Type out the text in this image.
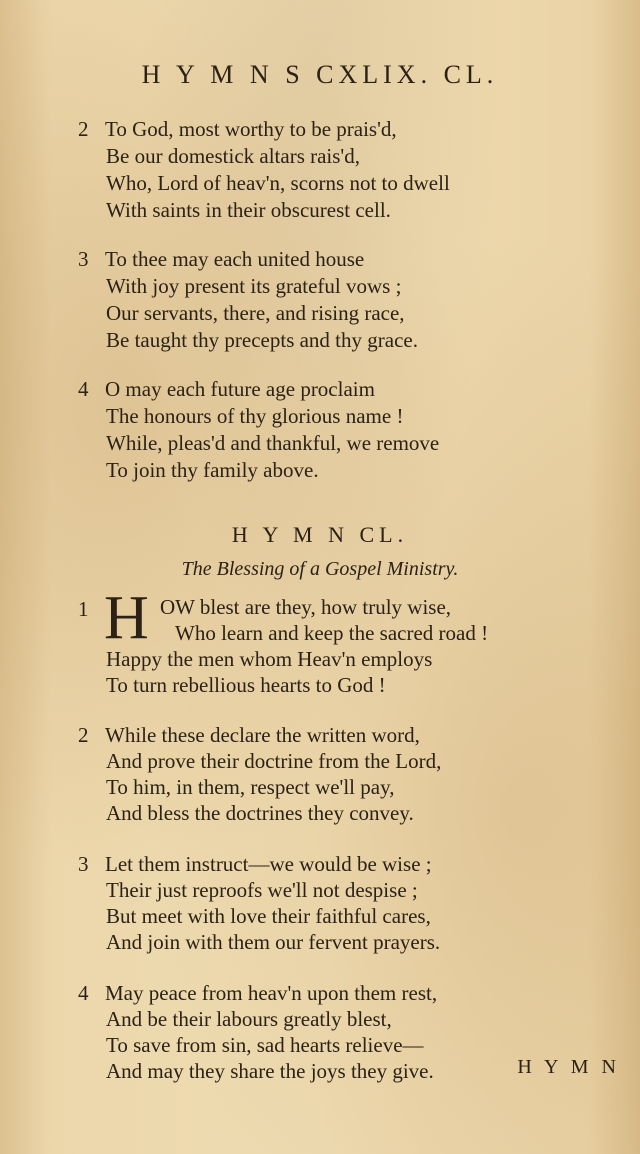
H Y M N S CXLIX. CL.
2 To God, most worthy to be prais'd,
Be our domestick altars rais'd,
Who, Lord of heav'n, scorns not to dwell
With saints in their obscurest cell.
3 To thee may each united house
With joy present its grateful vows ;
Our servants, there, and rising race,
Be taught thy precepts and thy grace.
4 O may each future age proclaim
The honours of thy glorious name !
While, pleas'd and thankful, we remove
To join thy family above.
H Y M N CL.
The Blessing of a Gospel Ministry.
1 H OW blest are they, how truly wise,
Who learn and keep the sacred road !
Happy the men whom Heav'n employs
To turn rebellious hearts to God !
2 While these declare the written word,
And prove their doctrine from the Lord,
To him, in them, respect we'll pay,
And bless the doctrines they convey.
3 Let them instruct—we would be wise ;
Their just reproofs we'll not despise ;
But meet with love their faithful cares,
And join with them our fervent prayers.
4 May peace from heav'n upon them rest,
And be their labours greatly blest,
To save from sin, sad hearts relieve—
And may they share the joys they give.	H Y M N
